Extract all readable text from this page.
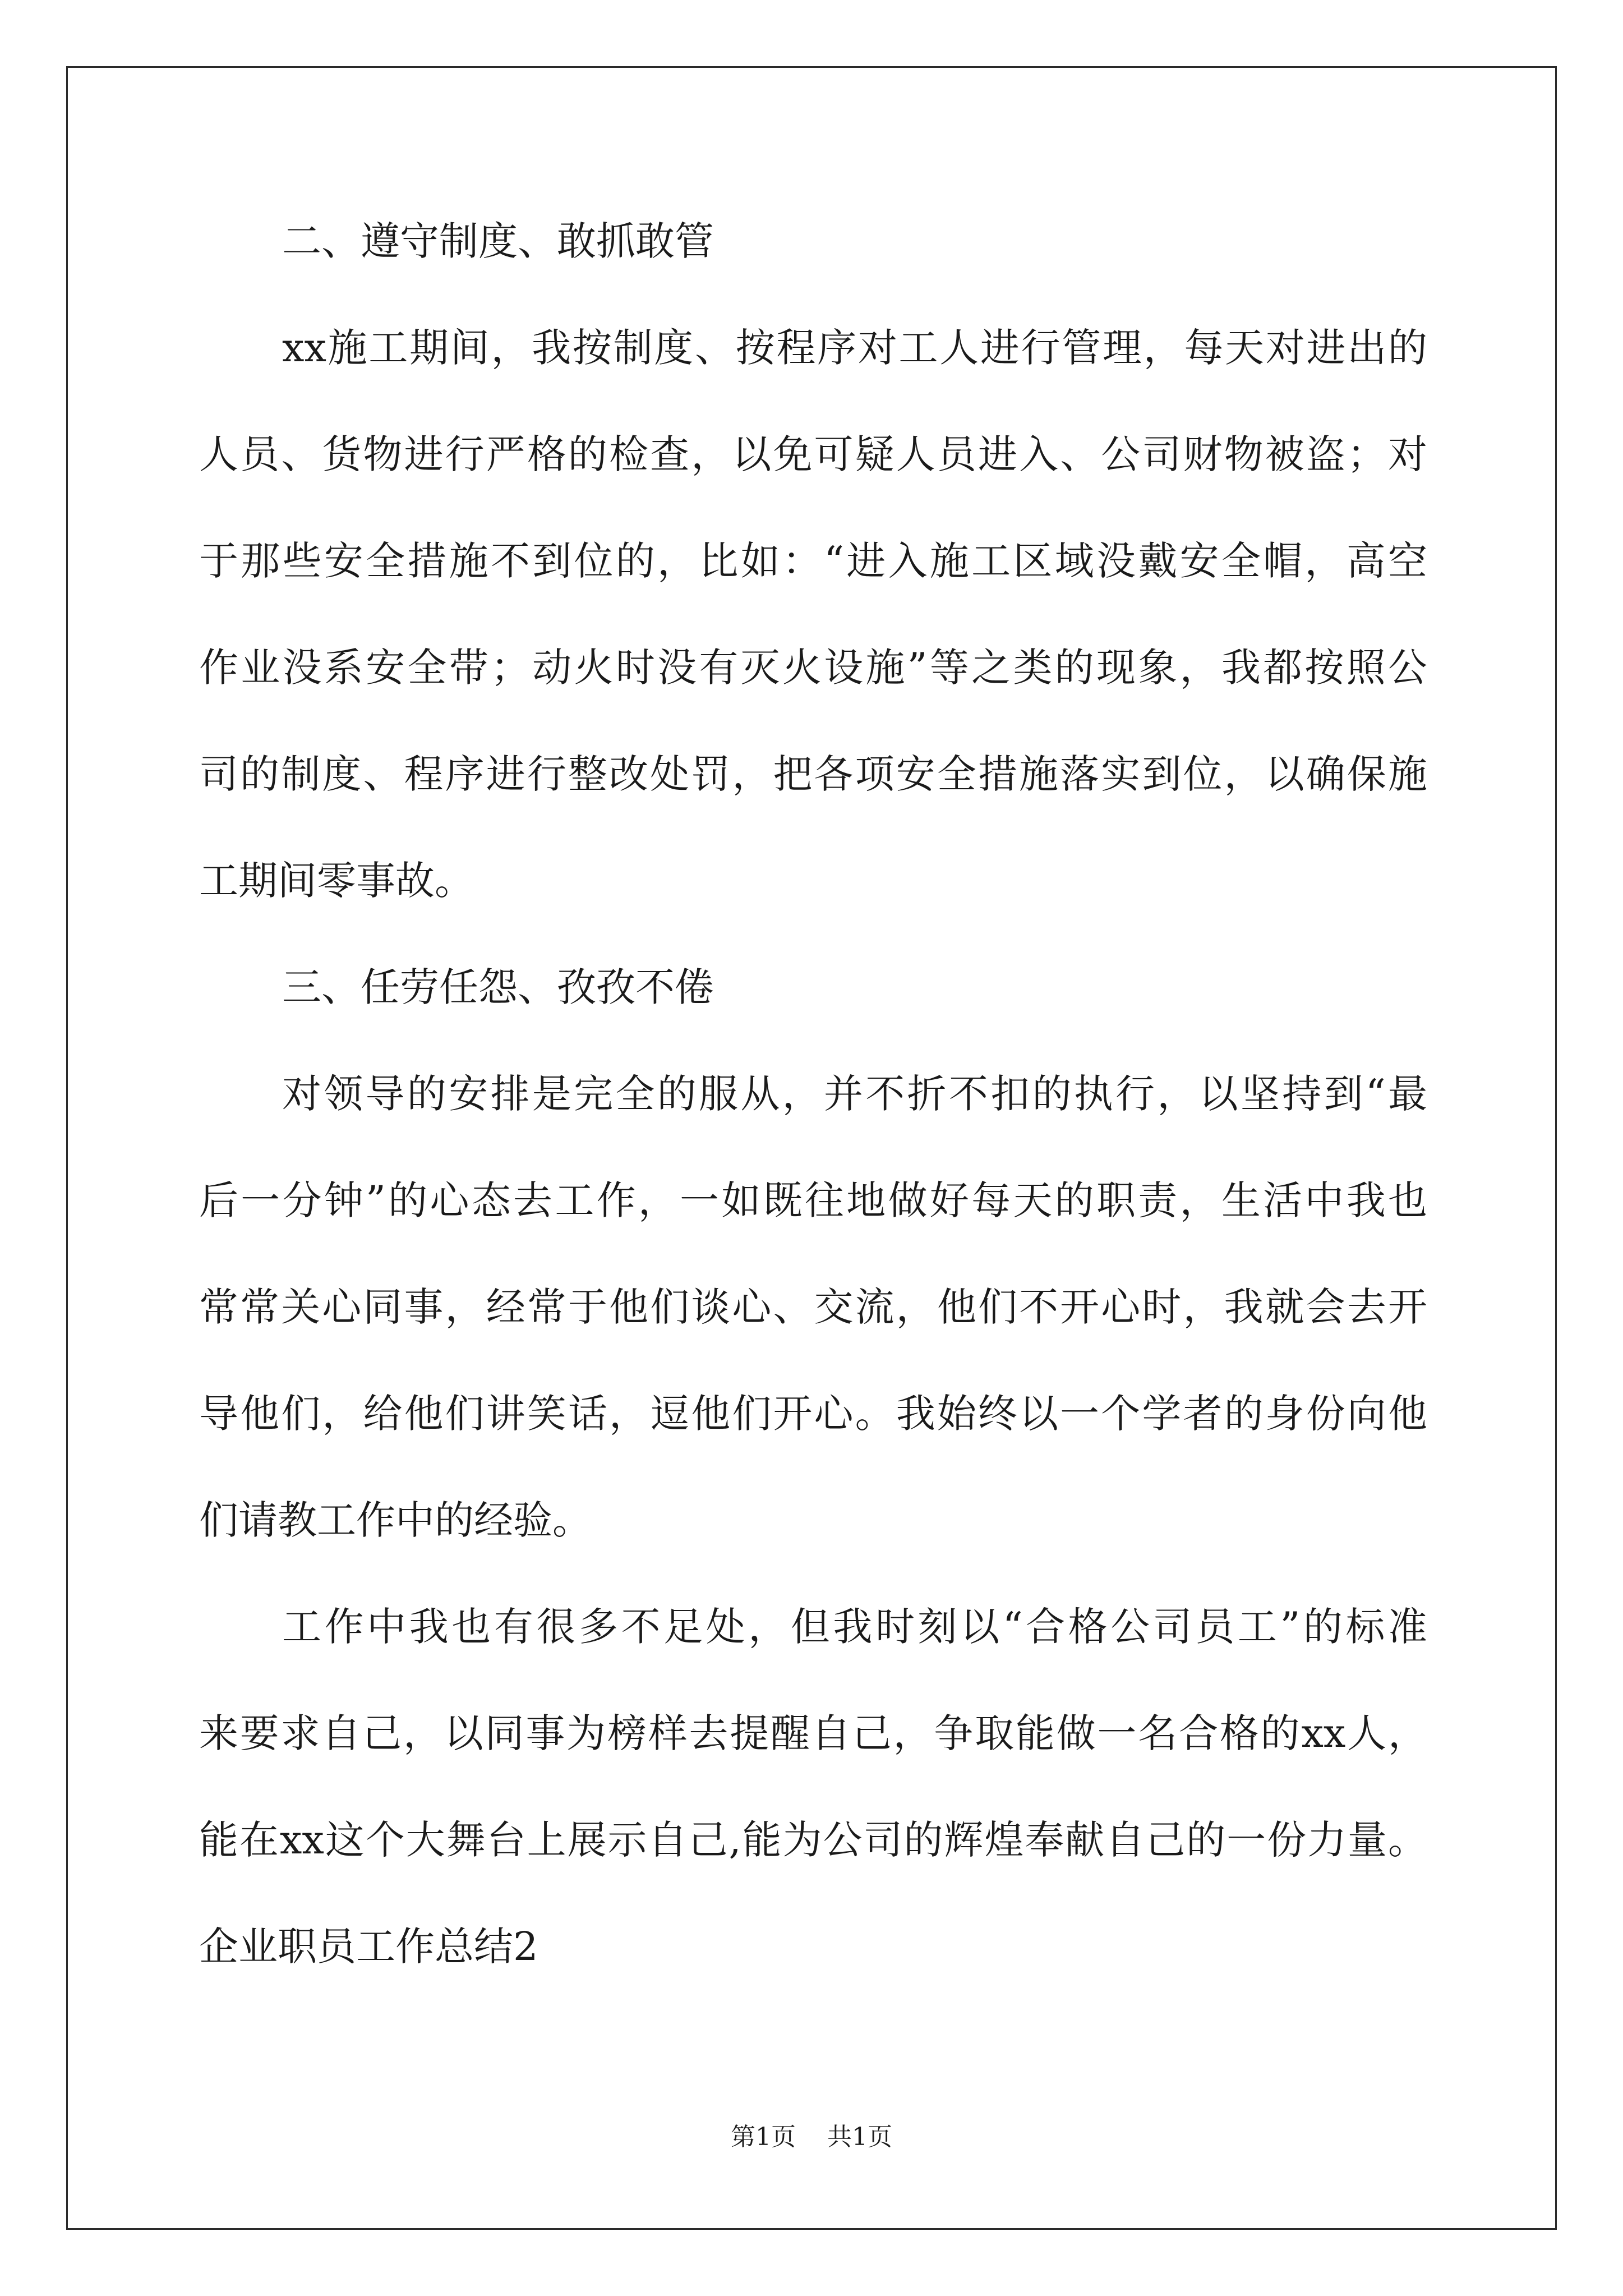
二、遵守制度、敢抓敢管
xx施工期间，我按制度、按程序对工人进行管理，每天对进出的
人员、货物进行严格的检查，以免可疑人员进入、公司财物被盗；对
于那些安全措施不到位的，比如：“进入施工区域没戴安全帽，高空
作业没系安全带；动火时没有灭火设施”等之类的现象，我都按照公
司的制度、程序进行整改处罚，把各项安全措施落实到位，以确保施
工期间零事故。
三、任劳任怨、孜孜不倦
对领导的安排是完全的服从，并不折不扣的执行，以坚持到“最
后一分钟”的心态去工作，一如既往地做好每天的职责，生活中我也
常常关心同事，经常于他们谈心、交流，他们不开心时，我就会去开
导他们，给他们讲笑话，逗他们开心。我始终以一个学者的身份向他
们请教工作中的经验。
工作中我也有很多不足处，但我时刻以“合格公司员工”的标准
来要求自己，以同事为榜样去提醒自己，争取能做一名合格的xx人，
能在xx这个大舞台上展示自己,能为公司的辉煌奉献自己的一份力量。
企业职员工作总结2
第1页 共1页
